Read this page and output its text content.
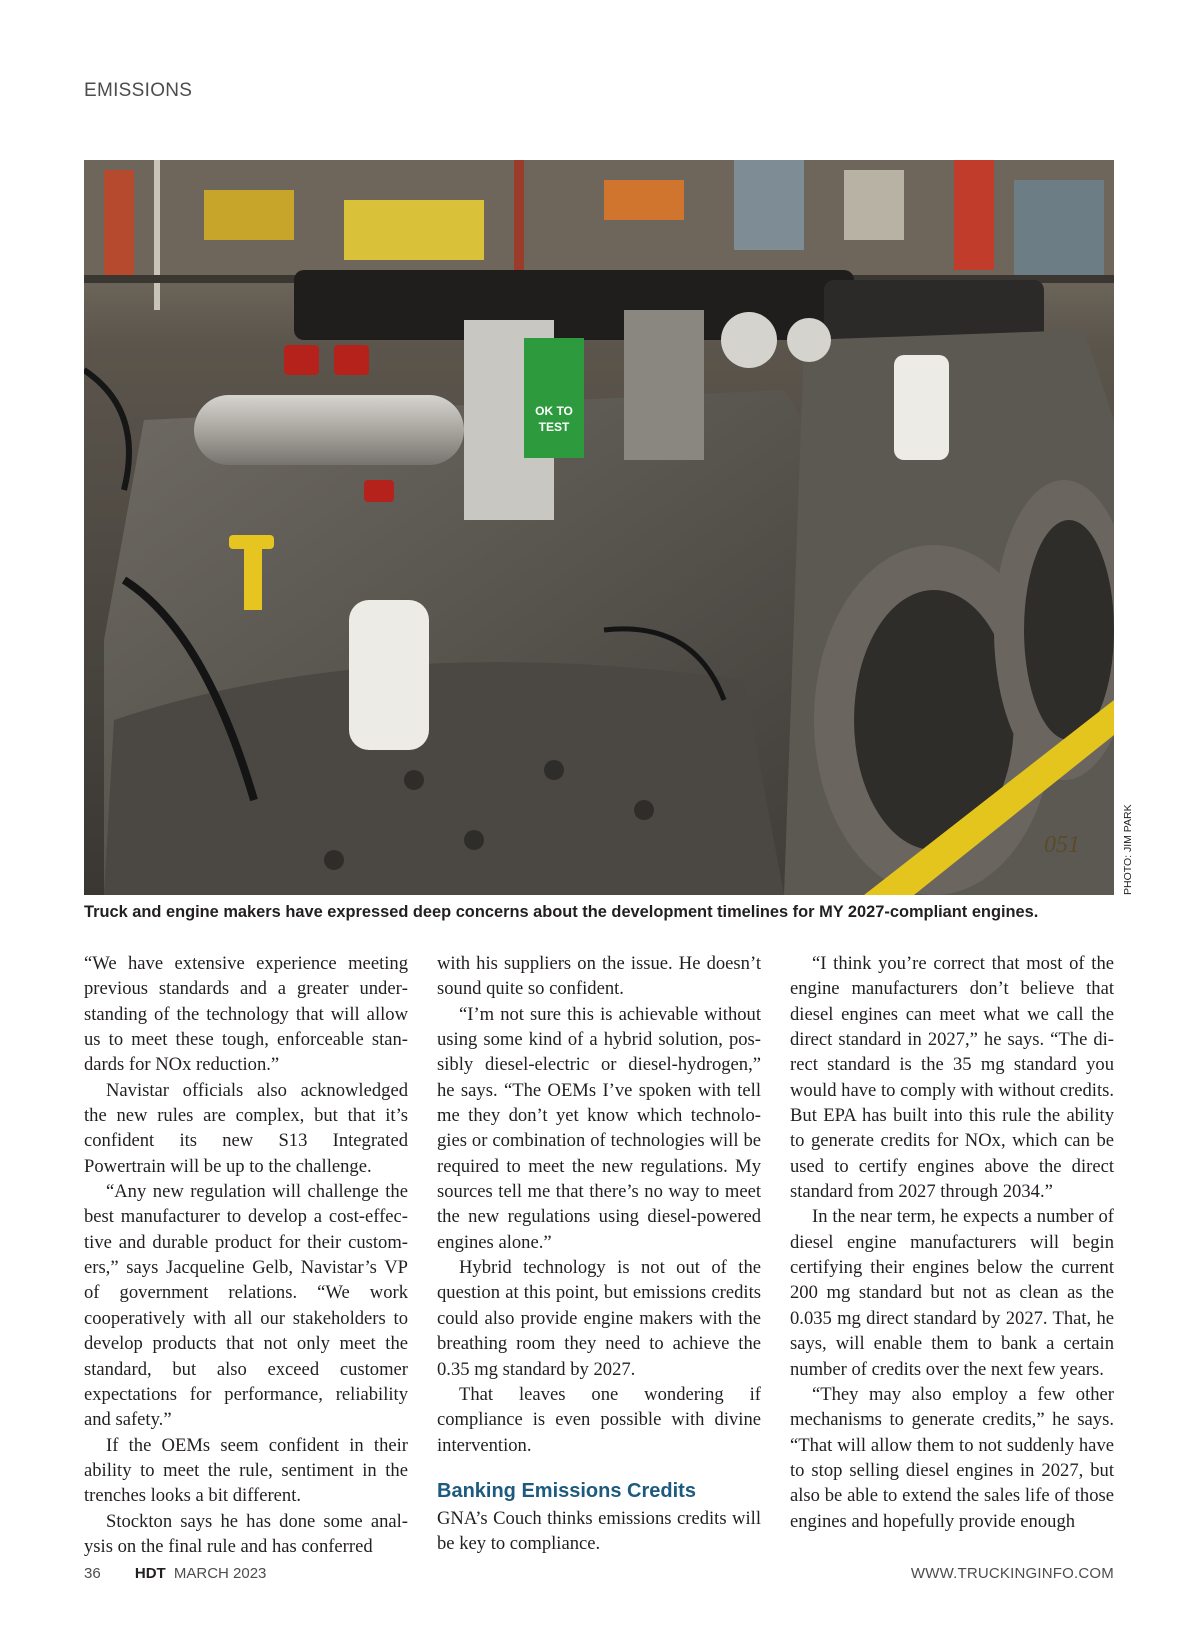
EMISSIONS
OK TO
TEST
051	PHOTO: JIM PARK
Truck and engine makers have expressed deep concerns about the development timelines for MY 2027-compliant engines.

“We have extensive experience meeting previous standards and a greater understanding of the technology that will allow us to meet these tough, enforceable standards for NOx reduction.”

Navistar officials also acknowledged the new rules are complex, but that it’s confident its new S13 Integrated Powertrain will be up to the challenge.

“Any new regulation will challenge the best manufacturer to develop a cost-effective and durable product for their customers,” says Jacqueline Gelb, Navistar’s VP of government relations. “We work cooperatively with all our stakeholders to develop products that not only meet the standard, but also exceed customer expectations for performance, reliability and safety.”

If the OEMs seem confident in their ability to meet the rule, sentiment in the trenches looks a bit different.

Stockton says he has done some analysis on the final rule and has conferred

with his suppliers on the issue. He doesn’t sound quite so confident.

“I’m not sure this is achievable without using some kind of a hybrid solution, possibly diesel-electric or diesel-hydrogen,” he says. “The OEMs I’ve spoken with tell me they don’t yet know which technologies or combination of technologies will be required to meet the new regulations. My sources tell me that there’s no way to meet the new regulations using diesel-powered engines alone.”

Hybrid technology is not out of the question at this point, but emissions credits could also provide engine makers with the breathing room they need to achieve the 0.35 mg standard by 2027.

That leaves one wondering if compliance is even possible with divine intervention.

Banking Emissions Credits

GNA’s Couch thinks emissions credits will be key to compliance.

“I think you’re correct that most of the engine manufacturers don’t believe that diesel engines can meet what we call the direct standard in 2027,” he says. “The direct standard is the 35 mg standard you would have to comply with without credits. But EPA has built into this rule the ability to generate credits for NOx, which can be used to certify engines above the direct standard from 2027 through 2034.”

In the near term, he expects a number of diesel engine manufacturers will begin certifying their engines below the current 200 mg standard but not as clean as the 0.035 mg direct standard by 2027. That, he says, will enable them to bank a certain number of credits over the next few years.

“They may also employ a few other mechanisms to generate credits,” he says. “That will allow them to not suddenly have to stop selling diesel engines in 2027, but also be able to extend the sales life of those engines and hopefully provide enough

36 HDT MARCH 2023	WWW.TRUCKINGINFO.COM
